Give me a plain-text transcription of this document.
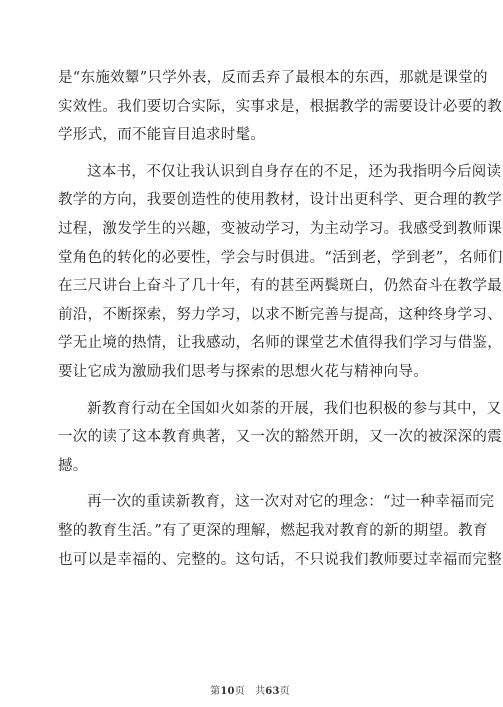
是“东施效颦”只学外表，反而丢弃了最根本的东西，那就是课堂的
实效性。我们要切合实际，实事求是，根据教学的需要设计必要的教
学形式，而不能盲目追求时髦。

这本书，不仅让我认识到自身存在的不足，还为我指明今后阅读
教学的方向，我要创造性的使用教材，设计出更科学、更合理的教学
过程，激发学生的兴趣，变被动学习，为主动学习。我感受到教师课
堂角色的转化的必要性，学会与时俱进。“活到老，学到老”，名师们
在三尺讲台上奋斗了几十年，有的甚至两鬓斑白，仍然奋斗在教学最
前沿，不断探索，努力学习，以求不断完善与提高，这种终身学习、
学无止境的热情，让我感动，名师的课堂艺术值得我们学习与借鉴，
要让它成为激励我们思考与探索的思想火花与精神向导。

新教育行动在全国如火如荼的开展，我们也积极的参与其中，又
一次的读了这本教育典著，又一次的豁然开朗，又一次的被深深的震
撼。

再一次的重读新教育，这一次对对它的理念：“过一种幸福而完
整的教育生活。”有了更深的理解，燃起我对教育的新的期望。教育
也可以是幸福的、完整的。这句话，不只说我们教师要过幸福而完整

第10页　共63页
